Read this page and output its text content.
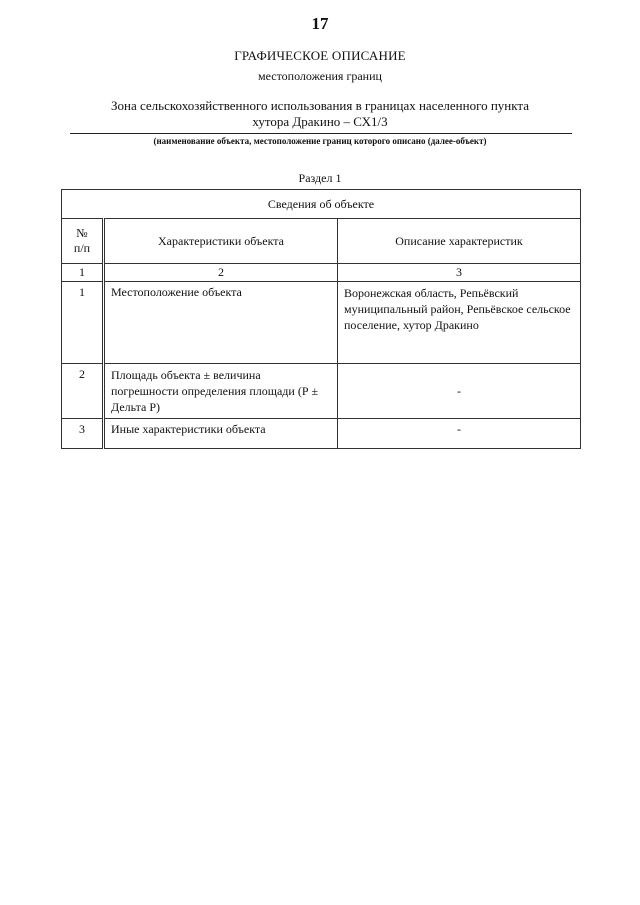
17
ГРАФИЧЕСКОЕ ОПИСАНИЕ
местоположения границ
Зона сельскохозяйственного использования в границах населенного пункта
хутора Дракино – СХ1/3
(наименование объекта, местоположение границ которого описано (далее-объект)
Раздел 1
Сведения об объекте		
№
п/п	Характеристики объекта	Описание характеристик
1	2	3
1	Местоположение объекта	Воронежская область, Репьёвский муниципальный район, Репьёвское сельское поселение, хутор Дракино
2	Площадь объекта ± величина погрешности определения площади (Р ± Дельта Р)	-
3	Иные характеристики объекта	-
